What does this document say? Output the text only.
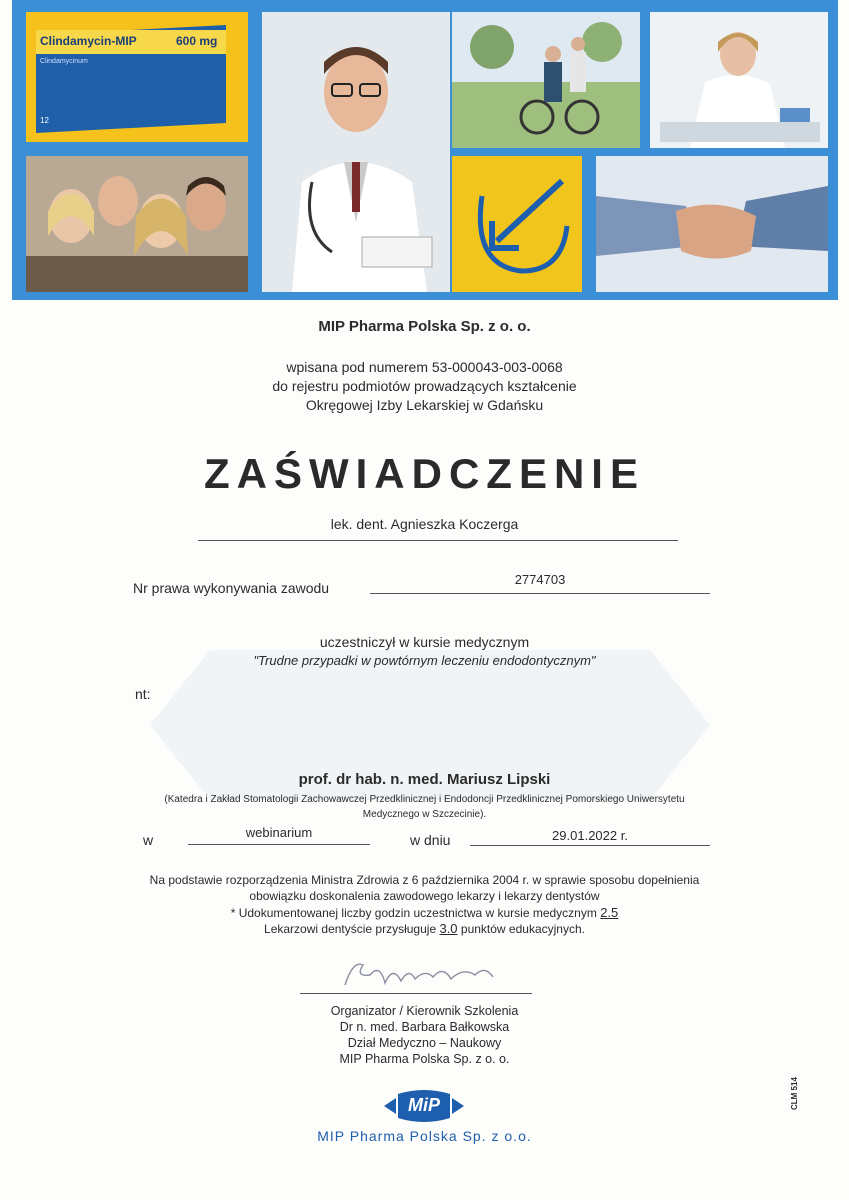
Clindamycin-MIP	600 mg
Clindamycinum
12
MIP Pharma Polska Sp. z o. o.
wpisana pod numerem 53-000043-003-0068
do rejestru podmiotów prowadzących kształcenie
Okręgowej Izby Lekarskiej w Gdańsku
ZAŚWIADCZENIE
lek. dent. Agnieszka Koczerga
Nr prawa wykonywania zawodu
2774703
uczestniczył w kursie medycznym
"Trudne przypadki w powtórnym leczeniu endodontycznym"
nt:
prof. dr hab. n. med. Mariusz Lipski
(Katedra i Zakład Stomatologii Zachowawczej Przedklinicznej i Endodoncji Przedklinicznej Pomorskiego Uniwersytetu
Medycznego w Szczecinie).
w	webinarium	w dniu	29.01.2022 r.
Na podstawie rozporządzenia Ministra Zdrowia z 6 października 2004 r. w sprawie sposobu dopełnienia
obowiązku doskonalenia zawodowego lekarzy i lekarzy dentystów
* Udokumentowanej liczby godzin uczestnictwa w kursie medycznym 2.5
Lekarzowi dentyście przysługuje 3.0 punktów edukacyjnych.
Organizator / Kierownik Szkolenia
Dr n. med. Barbara Bałkowska
Dział Medyczno – Naukowy
MIP Pharma Polska Sp. z o. o.
MiP
MIP Pharma Polska Sp. z o.o.
CLM 514
